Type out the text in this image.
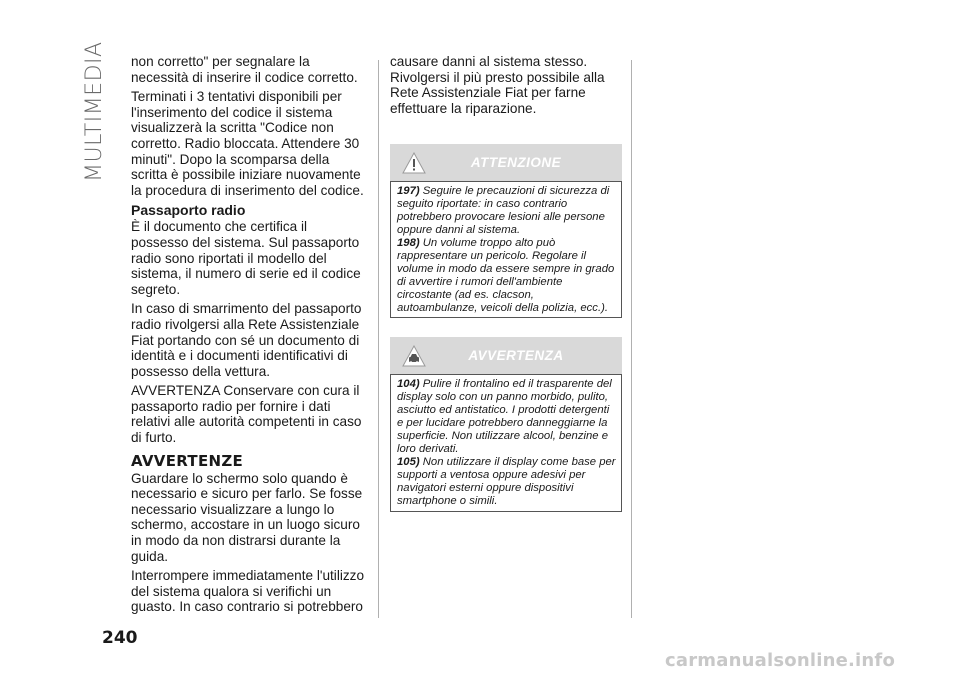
MULTIMEDIA non corretto" per segnalare la necessità di inserire il codice corretto.

Terminati i 3 tentativi disponibili per l'inserimento del codice il sistema visualizzerà la scritta "Codice non corretto. Radio bloccata. Attendere 30 minuti". Dopo la scomparsa della scritta è possibile iniziare nuovamente la procedura di inserimento del codice.

Passaporto radio

È il documento che certifica il possesso del sistema. Sul passaporto radio sono riportati il modello del sistema, il numero di serie ed il codice segreto.

In caso di smarrimento del passaporto radio rivolgersi alla Rete Assistenziale Fiat portando con sé un documento di identità e i documenti identificativi di possesso della vettura.

AVVERTENZA Conservare con cura il passaporto radio per fornire i dati relativi alle autorità competenti in caso di furto.

AVVERTENZE

Guardare lo schermo solo quando è necessario e sicuro per farlo. Se fosse necessario visualizzare a lungo lo schermo, accostare in un luogo sicuro in modo da non distrarsi durante la guida.

Interrompere immediatamente l'utilizzo del sistema qualora si verifichi un guasto. In caso contrario si potrebbero

causare danni al sistema stesso. Rivolgersi il più presto possibile alla Rete Assistenziale Fiat per farne effettuare la riparazione.

ATTENZIONE
197) Seguire le precauzioni di sicurezza di seguito riportate: in caso contrario potrebbero provocare lesioni alle persone oppure danni al sistema.
198) Un volume troppo alto può rappresentare un pericolo. Regolare il volume in modo da essere sempre in grado di avvertire i rumori dell'ambiente circostante (ad es. clacson, autoambulanze, veicoli della polizia, ecc.).
AVVERTENZA
104) Pulire il frontalino ed il trasparente del display solo con un panno morbido, pulito, asciutto ed antistatico. I prodotti detergenti e per lucidare potrebbero danneggiarne la superficie. Non utilizzare alcool, benzine e loro derivati.
105) Non utilizzare il display come base per supporti a ventosa oppure adesivi per navigatori esterni oppure dispositivi smartphone o simili.
240
carmanualsonline.info
